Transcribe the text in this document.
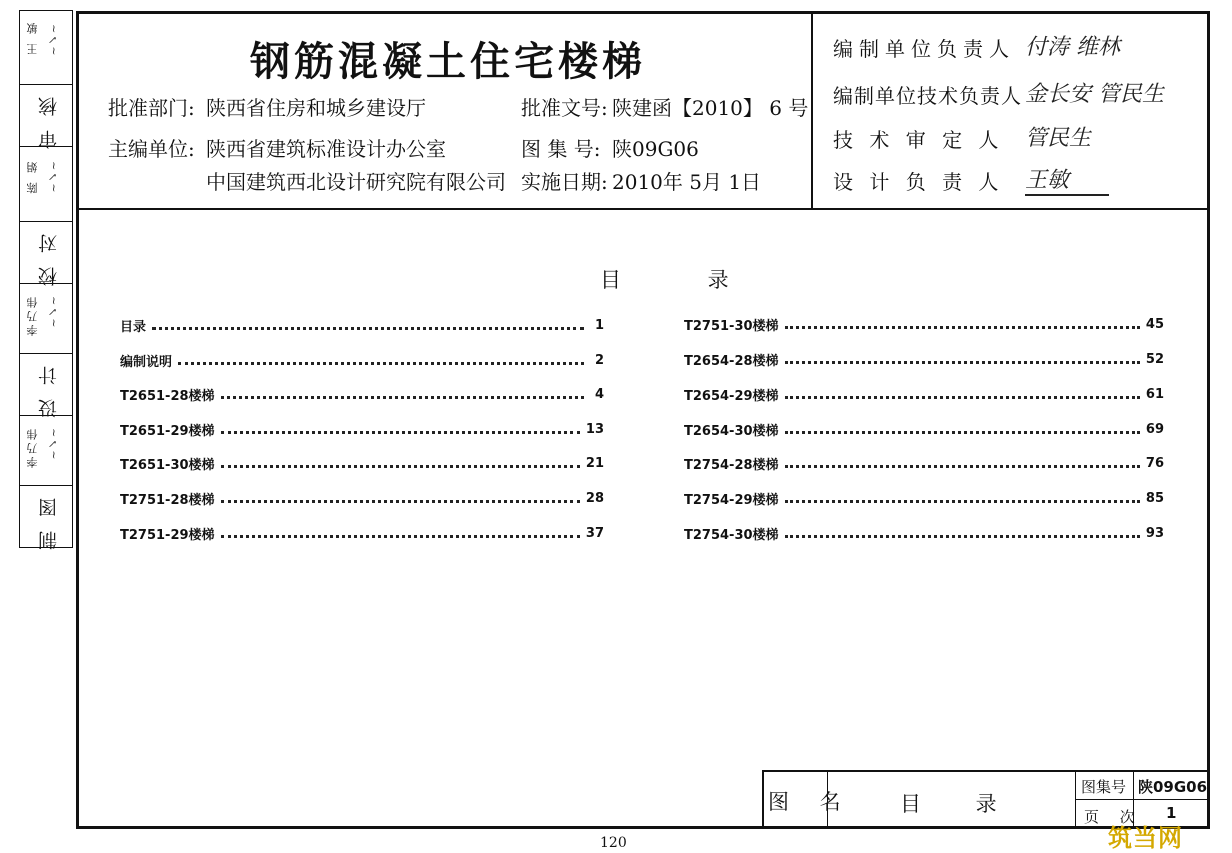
钢筋混凝土住宅楼梯
批准部门: 陕西省住房和城乡建设厅	批准文号: 陕建函【2010】 6 号
主编单位: 陕西省建筑标准设计办公室	图 集 号: 陕09G06
中国建筑西北设计研究院有限公司 实施日期: 2010年 5月 1日
编制单位负责人 付涛 维林
编制单位技术负责人 金长安 管民生
技 术 审 定 人 管民生
设 计 负 责 人 王敏
王 敏 ~✓~
审 核
陈 娟 ~✓~
校 对
李乃伟 ~✓~
设 计
李乃伟 ~✓~
制 图
目 录
目录	1
编制说明	2
T2651-28楼梯	4
T2651-29楼梯	13
T2651-30楼梯	21
T2751-28楼梯	28
T2751-29楼梯	37
T2751-30楼梯	45
T2654-28楼梯	52
T2654-29楼梯	61
T2654-30楼梯	69
T2754-28楼梯	76
T2754-29楼梯	85
T2754-30楼梯	93
图 名 目 录
图集号 陕09G06
页 次 1
120	筑当网
